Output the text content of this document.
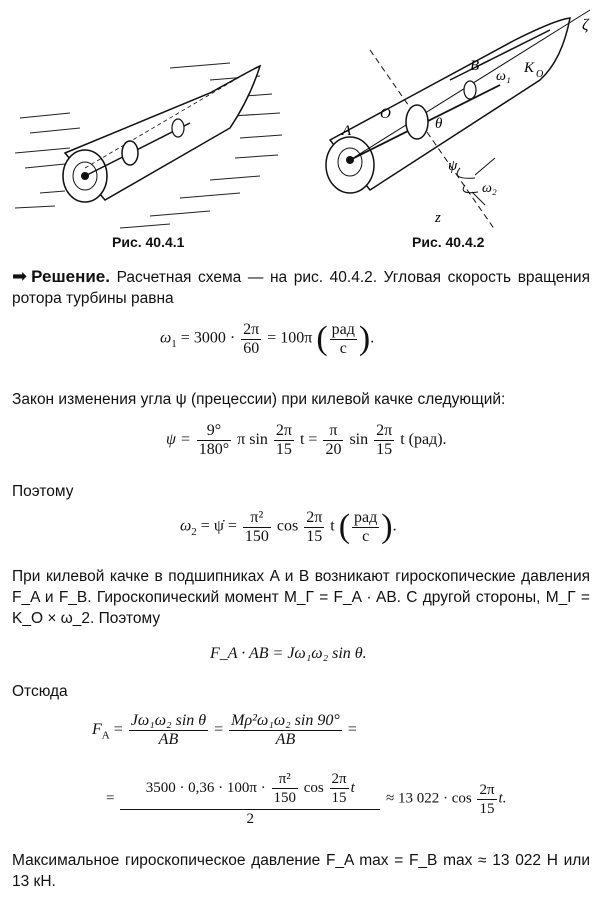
Рис. 40.4.1
ζ
B
ω₁
K O
O
A	θ
ψ
ω₂
z
Рис. 40.4.2
➡ Решение. Расчетная схема — на рис. 40.4.2. Угловая скорость вращения ротора турбины равна
$\omega_1 = 3000 \cdot \frac{2\pi}{60} = 100\pi$ ( $\frac{\text{рад}}{с}$ ).
Закон изменения угла ψ (прецессии) при килевой качке следующий:
$\psi = \frac{9^\circ}{180^\circ}$ π $\sin \frac{2\pi}{15}$ $t = \frac{\pi}{20}$ $\sin \frac{2\pi}{15}$ t (рад).
Поэтому
$\omega_2$ = ψ̇ = $\frac{\text{π²}}{150}$ $\cos \frac{2\pi}{15}$ t ( $\frac{\text{рад}}{с}$ ).
При килевой качке в подшипниках A и B возникают гироскопические давления F_A и F_B. Гироскопический момент M_Г = F_A · AB. С другой стороны, M_Г = K_O × ω_2. Поэтому
F_A · AB = Jω₁ω₂ sin θ.
Отсюда
$F_A = \frac{\text{Jω₁ω₂ sin θ}}{AB} = \frac{\text{Mρ²ω₁ω₂ sin 90°}}{AB}$ =
= $\frac{3500 \cdot 0,36 \cdot 100\pi \cdot \frac{\text{π²}}{150} \cos \frac{2\pi}{15} t}{2} \approx 13$ $022 \cdot \cos \frac{2\pi}{15} t$.
Максимальное гироскопическое давление F_A max = F_B max ≈ 13 022 Н или 13 кН.
